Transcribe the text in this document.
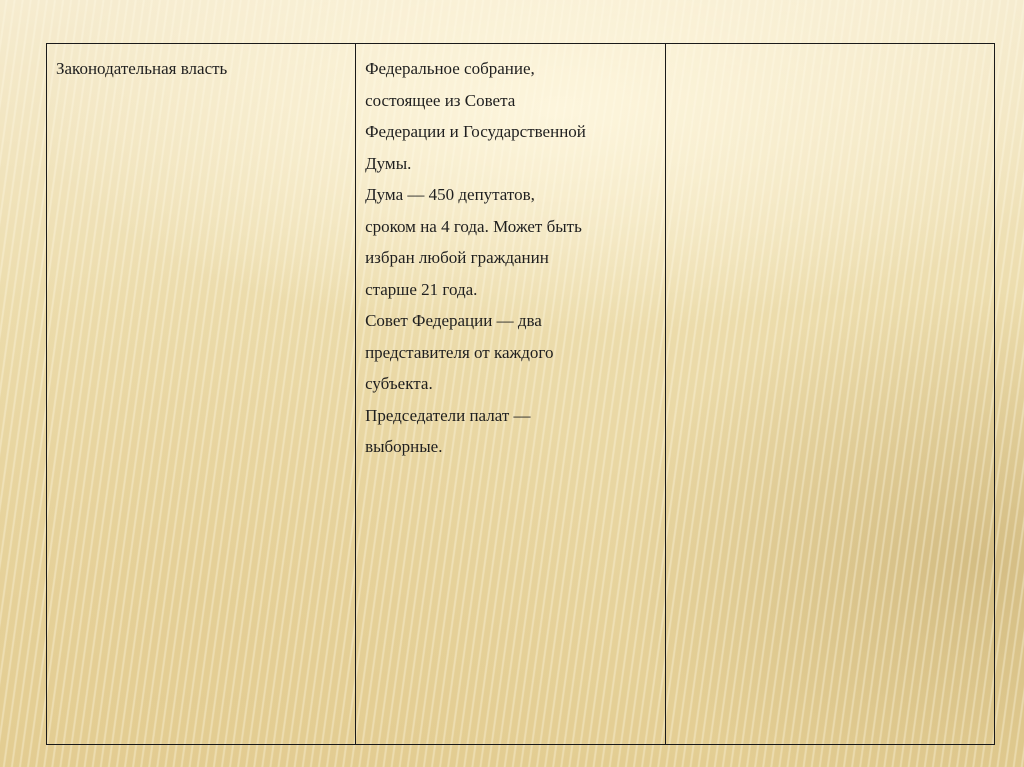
Законодательная власть	Федеральное собрание,
состоящее из Совета
Федерации и Государственной
Думы.
Дума — 450 депутатов,
сроком на 4 года. Может быть
избран любой гражданин
старше 21 года.
Совет Федерации — два
представителя от каждого
субъекта.
Председатели палат —
выборные.
